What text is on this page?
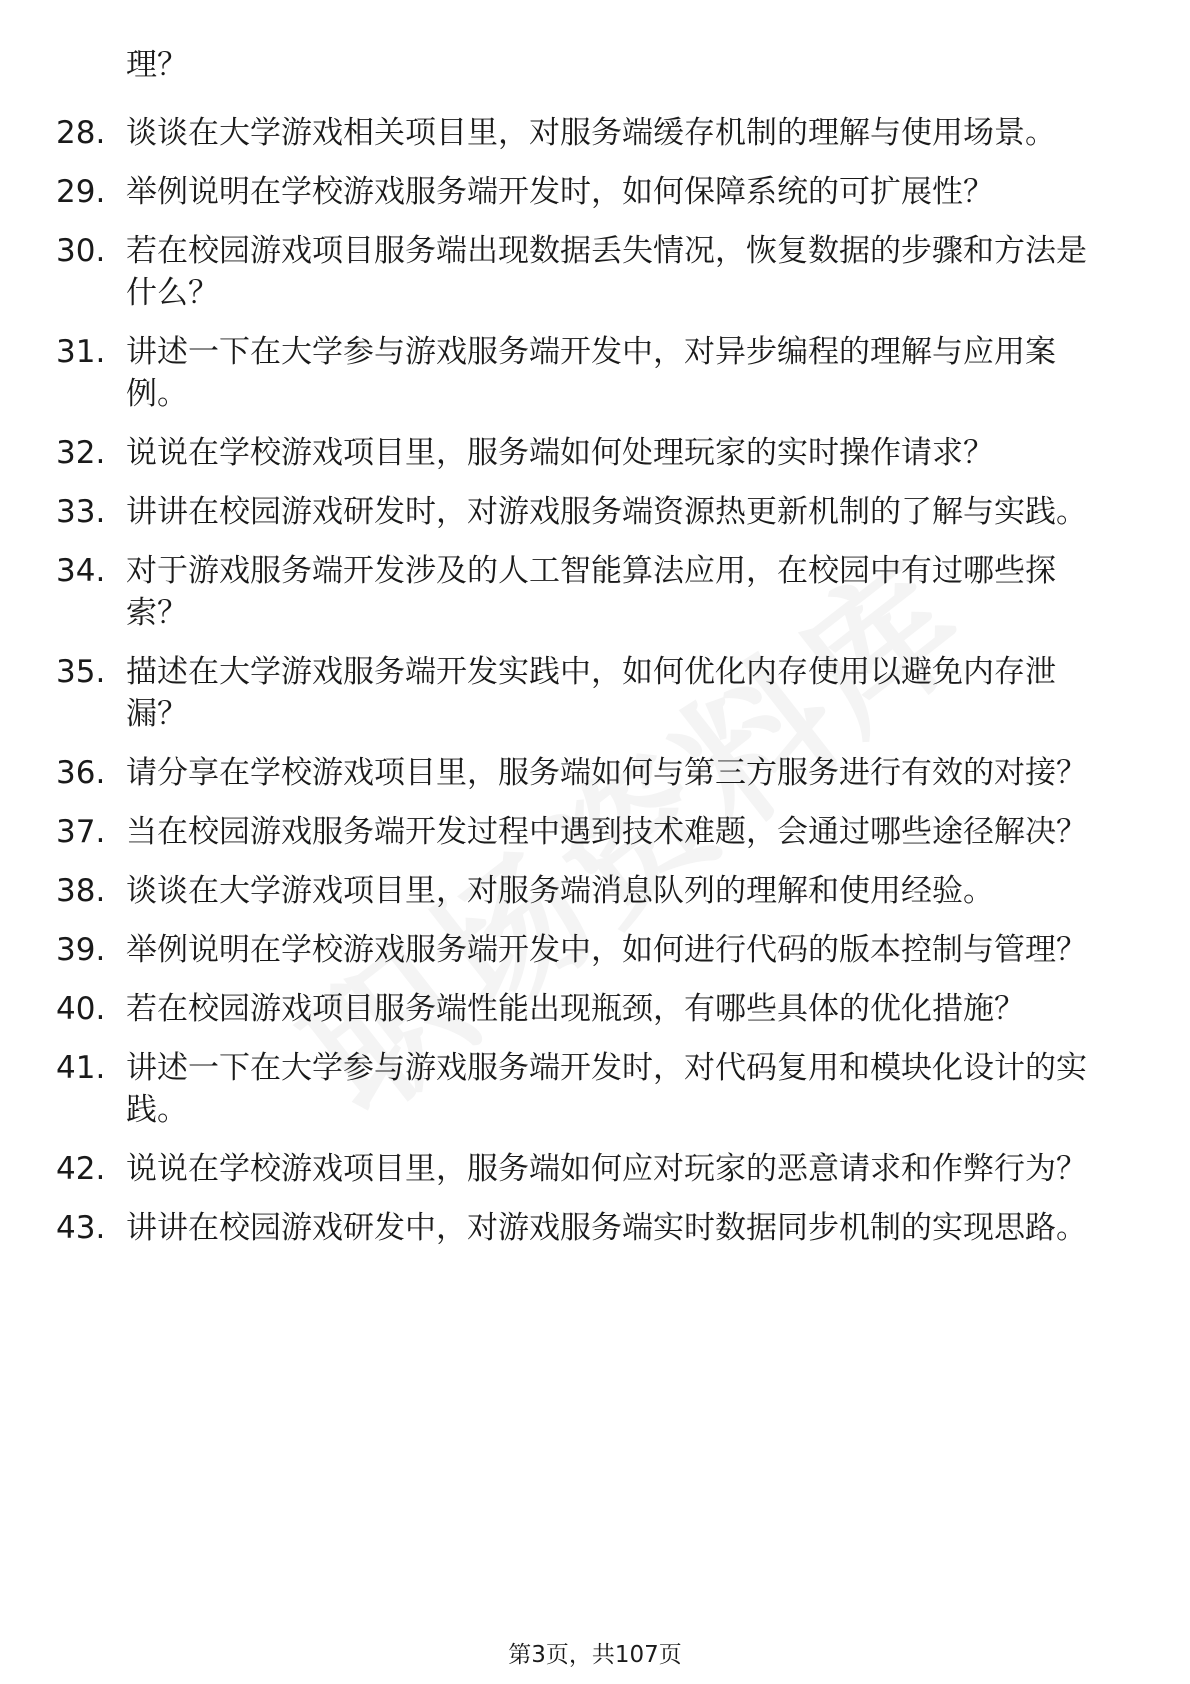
理？
28. 谈谈在大学游戏相关项目里，对服务端缓存机制的理解与使用场景。
29. 举例说明在学校游戏服务端开发时，如何保障系统的可扩展性？
30. 若在校园游戏项目服务端出现数据丢失情况，恢复数据的步骤和方法是什么？
31. 讲述一下在大学参与游戏服务端开发中，对异步编程的理解与应用案例。
32. 说说在学校游戏项目里，服务端如何处理玩家的实时操作请求？
33. 讲讲在校园游戏研发时，对游戏服务端资源热更新机制的了解与实践。
34. 对于游戏服务端开发涉及的人工智能算法应用，在校园中有过哪些探索？
35. 描述在大学游戏服务端开发实践中，如何优化内存使用以避免内存泄漏？
36. 请分享在学校游戏项目里，服务端如何与第三方服务进行有效的对接？
37. 当在校园游戏服务端开发过程中遇到技术难题，会通过哪些途径解决？
38. 谈谈在大学游戏项目里，对服务端消息队列的理解和使用经验。
39. 举例说明在学校游戏服务端开发中，如何进行代码的版本控制与管理？
40. 若在校园游戏项目服务端性能出现瓶颈，有哪些具体的优化措施？
41. 讲述一下在大学参与游戏服务端开发时，对代码复用和模块化设计的实践。
42. 说说在学校游戏项目里，服务端如何应对玩家的恶意请求和作弊行为？
43. 讲讲在校园游戏研发中，对游戏服务端实时数据同步机制的实现思路。
第3页，共107页
